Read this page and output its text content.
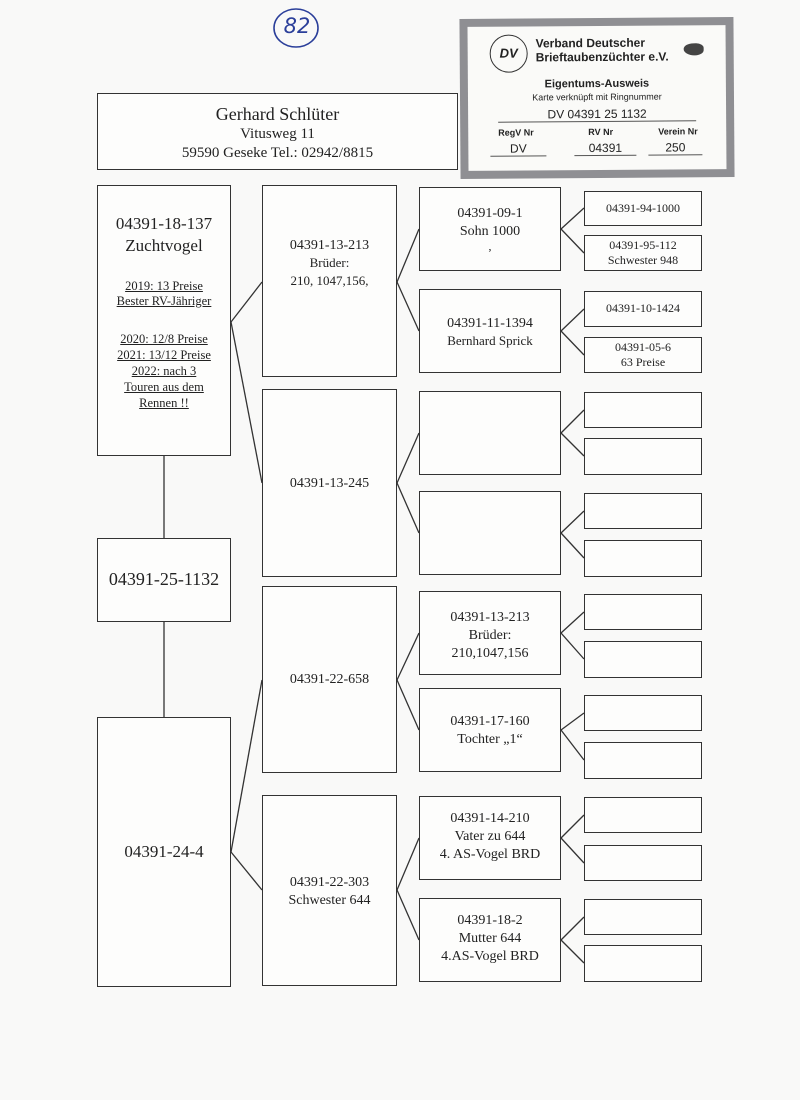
82
Gerhard Schlüter
Vitusweg 11
59590 Geseke Tel.: 02942/8815
DV
Verband Deutscher
Brieftaubenzüchter e.V.
Eigentums-Ausweis
Karte verknüpft mit Ringnummer
DV 04391 25 1132
RegV Nr	RV Nr	Verein Nr
DV	04391	250
04391-18-137
Zuchtvogel
2019: 13 Preise
Bester RV-Jähriger
2020: 12/8 Preise
2021: 13/12 Preise
2022: nach 3
Touren aus dem
Rennen !!
04391-25-1132
04391-24-4
04391-13-213
Brüder:
210, 1047,156,
04391-13-245
04391-22-658
04391-22-303
Schwester 644
04391-09-1
Sohn 1000
,
04391-11-1394
Bernhard Sprick
04391-13-213
Brüder:
210,1047,156
04391-17-160
Tochter „1“
04391-14-210
Vater zu 644
4. AS-Vogel BRD
04391-18-2
Mutter 644
4.AS-Vogel BRD
04391-94-1000
04391-95-112
Schwester 948
04391-10-1424
04391-05-6
63 Preise
